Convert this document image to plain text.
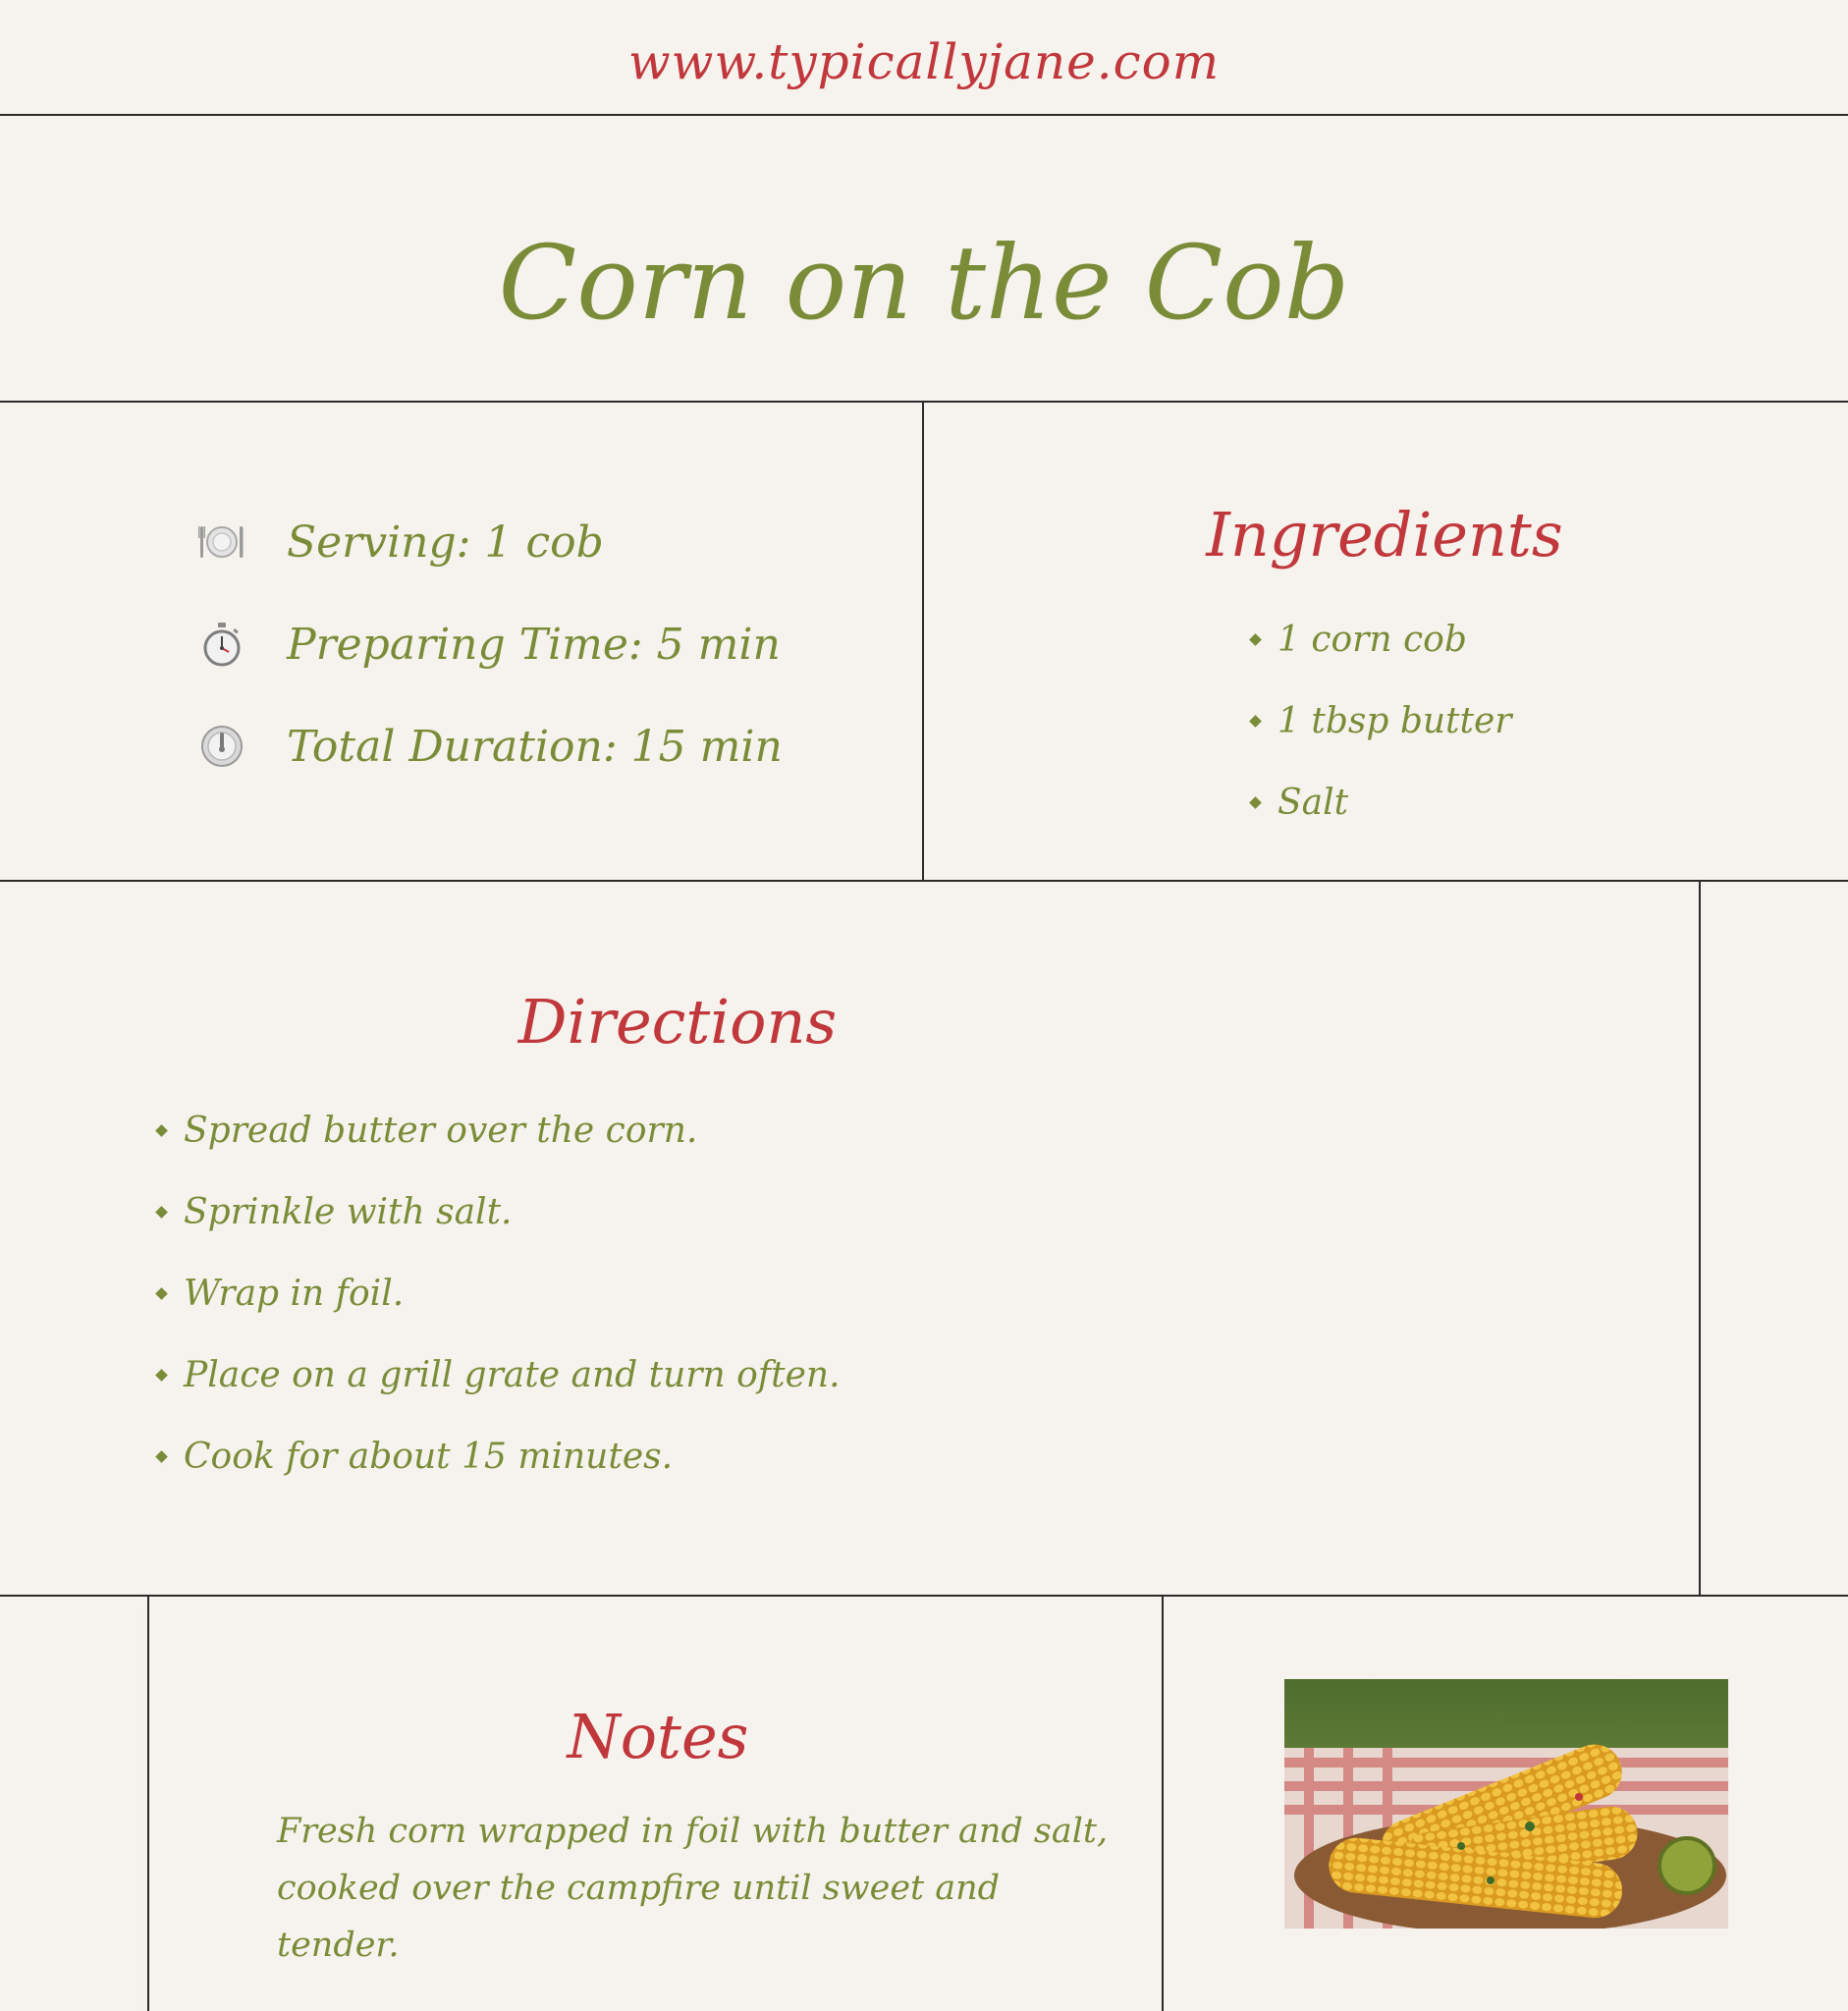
www.typicallyjane.com
Corn on the Cob
Serving: 1 cob
Preparing Time: 5 min
Total Duration: 15 min
Ingredients
1 corn cob
1 tbsp butter
Salt
Directions
Spread butter over the corn.
Sprinkle with salt.
Wrap in foil.
Place on a grill grate and turn often.
Cook for about 15 minutes.
Notes
Fresh corn wrapped in foil with butter and salt, cooked over the campfire until sweet and tender.
